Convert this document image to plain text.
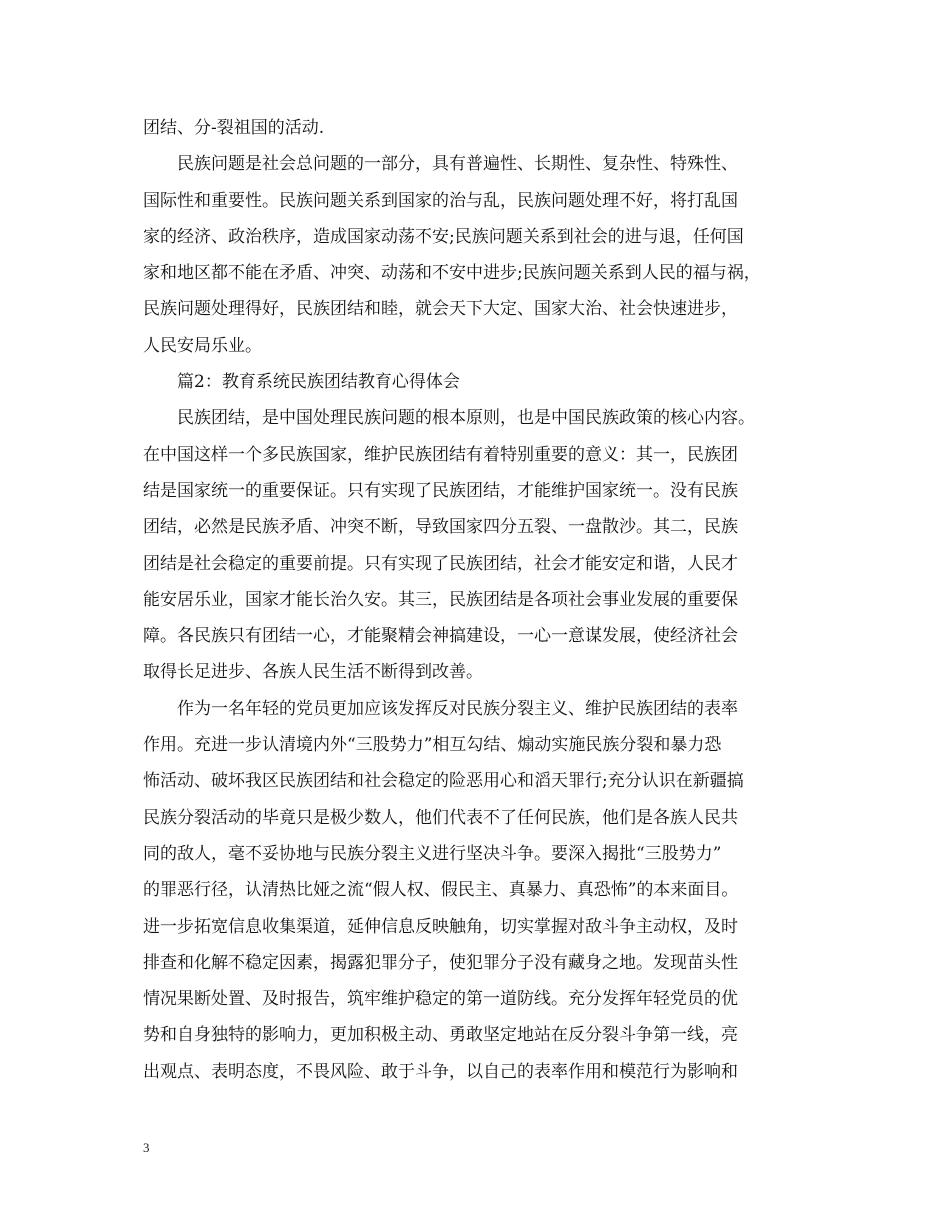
团结、分-裂祖国的活动.
　　民族问题是社会总问题的一部分，具有普遍性、长期性、复杂性、特殊性、
国际性和重要性。民族问题关系到国家的治与乱，民族问题处理不好，将打乱国
家的经济、政治秩序，造成国家动荡不安;民族问题关系到社会的进与退，任何国
家和地区都不能在矛盾、冲突、动荡和不安中进步;民族问题关系到人民的福与祸，
民族问题处理得好，民族团结和睦，就会天下大定、国家大治、社会快速进步，
人民安局乐业。
　　篇2：教育系统民族团结教育心得体会
　　民族团结，是中国处理民族问题的根本原则，也是中国民族政策的核心内容。
在中国这样一个多民族国家，维护民族团结有着特别重要的意义：其一，民族团
结是国家统一的重要保证。只有实现了民族团结，才能维护国家统一。没有民族
团结，必然是民族矛盾、冲突不断，导致国家四分五裂、一盘散沙。其二，民族
团结是社会稳定的重要前提。只有实现了民族团结，社会才能安定和谐，人民才
能安居乐业，国家才能长治久安。其三，民族团结是各项社会事业发展的重要保
障。各民族只有团结一心，才能聚精会神搞建设，一心一意谋发展，使经济社会
取得长足进步、各族人民生活不断得到改善。
　　作为一名年轻的党员更加应该发挥反对民族分裂主义、维护民族团结的表率
作用。充进一步认清境内外“三股势力”相互勾结、煽动实施民族分裂和暴力恐
怖活动、破坏我区民族团结和社会稳定的险恶用心和滔天罪行;充分认识在新疆搞
民族分裂活动的毕竟只是极少数人，他们代表不了任何民族，他们是各族人民共
同的敌人，毫不妥协地与民族分裂主义进行坚决斗争。要深入揭批“三股势力”
的罪恶行径，认清热比娅之流“假人权、假民主、真暴力、真恐怖”的本来面目。
进一步拓宽信息收集渠道，延伸信息反映触角，切实掌握对敌斗争主动权，及时
排查和化解不稳定因素，揭露犯罪分子，使犯罪分子没有藏身之地。发现苗头性
情况果断处置、及时报告，筑牢维护稳定的第一道防线。充分发挥年轻党员的优
势和自身独特的影响力，更加积极主动、勇敢坚定地站在反分裂斗争第一线，亮
出观点、表明态度，不畏风险、敢于斗争，以自己的表率作用和模范行为影响和
3
